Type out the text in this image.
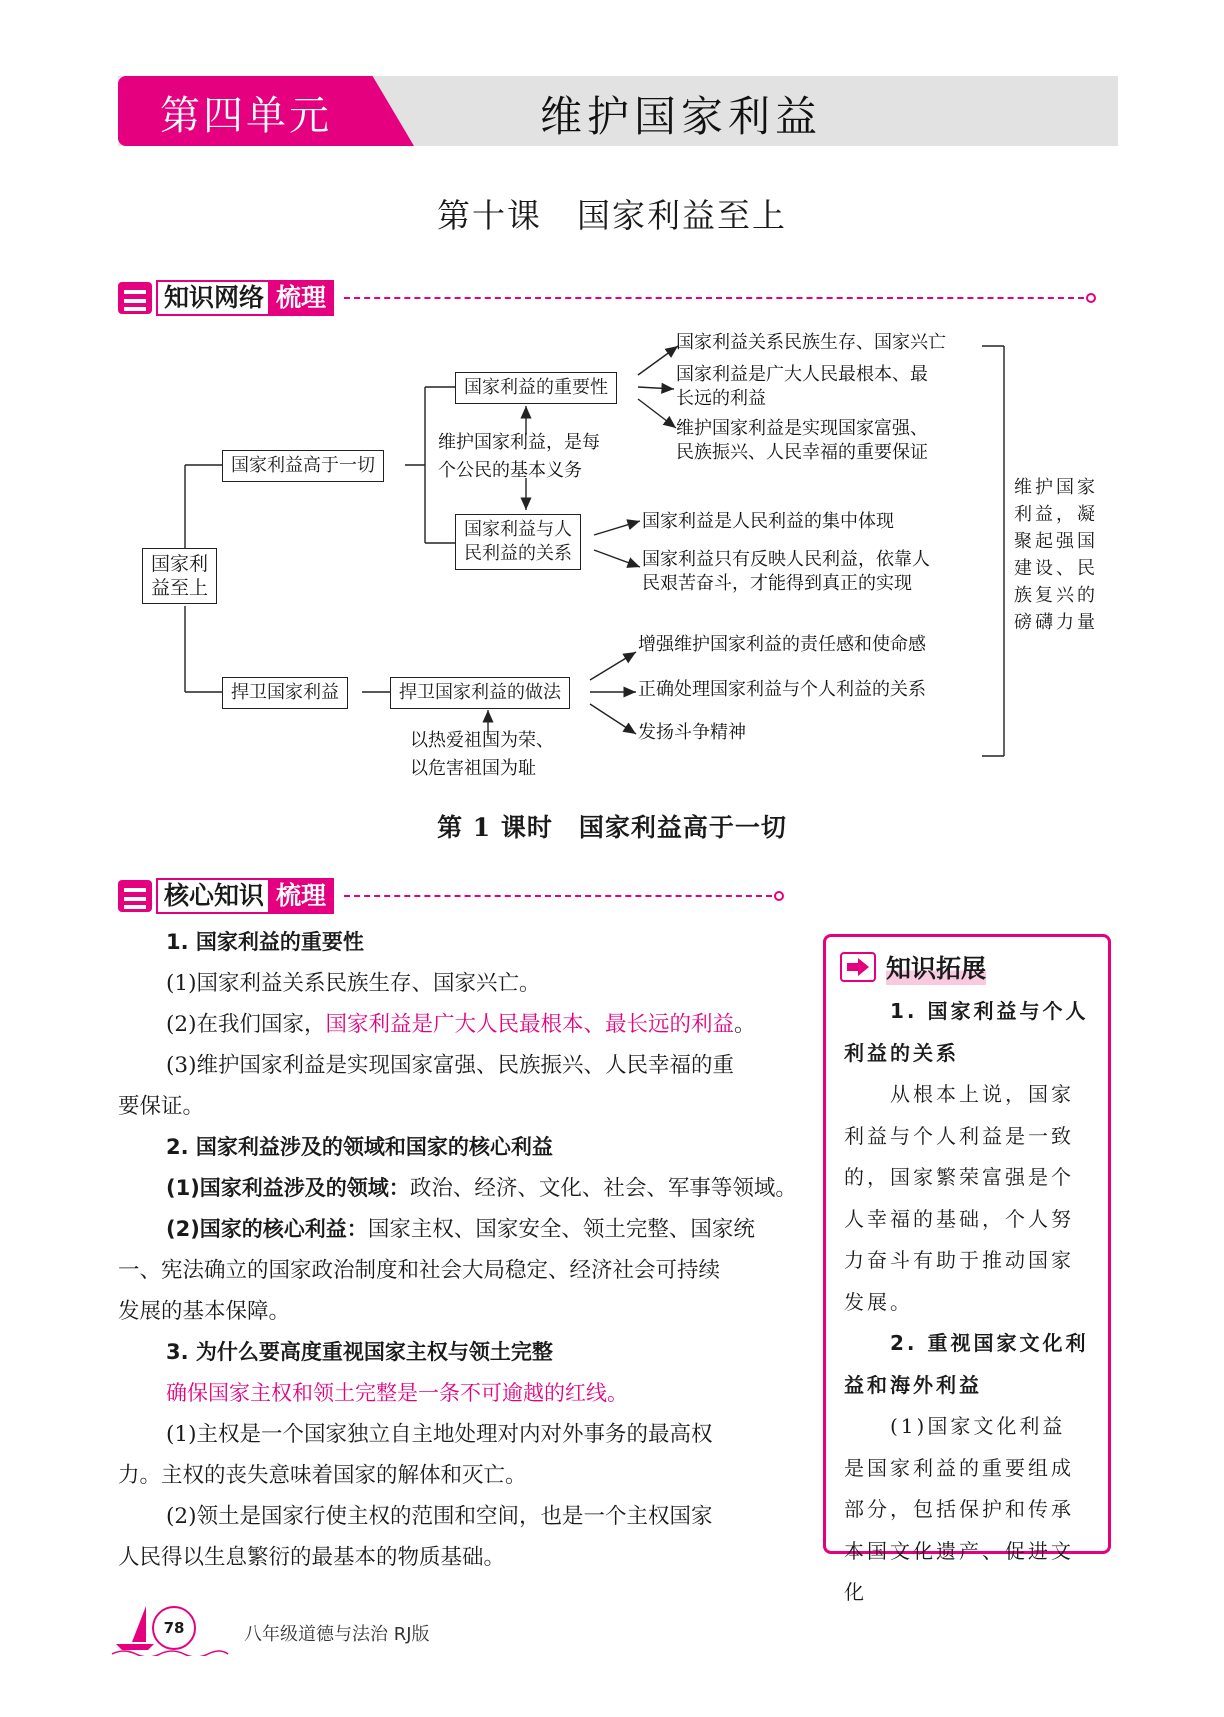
第四单元	维护国家利益
第十课　国家利益至上
知识网络 梳理
国家利
益至上
国家利益高于一切
国家利益的重要性
国家利益关系民族生存、国家兴亡
国家利益是广大人民最根本、最
长远的利益
维护国家利益是实现国家富强、
民族振兴、人民幸福的重要保证
维护国家利益，是每
个公民的基本义务
国家利益与人
民利益的关系
国家利益是人民利益的集中体现
国家利益只有反映人民利益，依靠人
民艰苦奋斗，才能得到真正的实现
捍卫国家利益	捍卫国家利益的做法
增强维护国家利益的责任感和使命感
正确处理国家利益与个人利益的关系
发扬斗争精神
以热爱祖国为荣、
以危害祖国为耻
维护国家
利益，凝
聚起强国
建设、民
族复兴的
磅礴力量
第 1 课时　国家利益高于一切
核心知识 梳理
1. 国家利益的重要性
(1)国家利益关系民族生存、国家兴亡。
(2)在我们国家，国家利益是广大人民最根本、最长远的利益。
(3)维护国家利益是实现国家富强、民族振兴、人民幸福的重
要保证。
2. 国家利益涉及的领域和国家的核心利益
(1)国家利益涉及的领域：政治、经济、文化、社会、军事等领域。
(2)国家的核心利益：国家主权、国家安全、领土完整、国家统
一、宪法确立的国家政治制度和社会大局稳定、经济社会可持续
发展的基本保障。
3. 为什么要高度重视国家主权与领土完整
确保国家主权和领土完整是一条不可逾越的红线。
(1)主权是一个国家独立自主地处理对内对外事务的最高权
力。主权的丧失意味着国家的解体和灭亡。
(2)领土是国家行使主权的范围和空间，也是一个主权国家
人民得以生息繁衍的最基本的物质基础。
知识拓展
1. 国家利益与个人
利益的关系
从根本上说，国家
利益与个人利益是一致
的，国家繁荣富强是个
人幸福的基础，个人努
力奋斗有助于推动国家
发展。
2. 重视国家文化利
益和海外利益
(1)国家文化利益
是国家利益的重要组成
部分，包括保护和传承
本国文化遗产、促进文化
78	八年级道德与法治 RJ版
